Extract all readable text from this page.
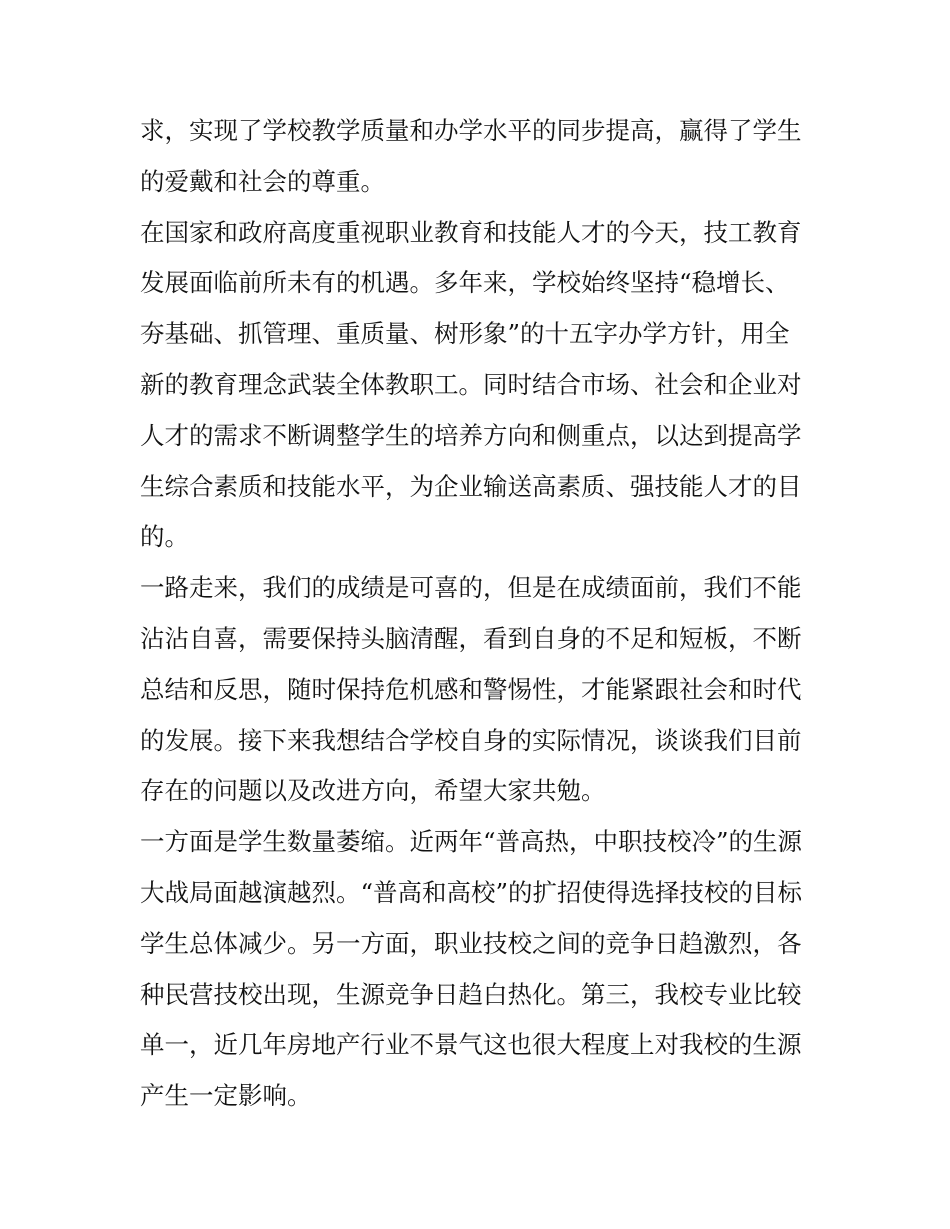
求，实现了学校教学质量和办学水平的同步提高，赢得了学生
的爱戴和社会的尊重。
在国家和政府高度重视职业教育和技能人才的今天，技工教育
发展面临前所未有的机遇。多年来，学校始终坚持“稳增长、
夯基础、抓管理、重质量、树形象”的十五字办学方针，用全
新的教育理念武装全体教职工。同时结合市场、社会和企业对
人才的需求不断调整学生的培养方向和侧重点，以达到提高学
生综合素质和技能水平，为企业输送高素质、强技能人才的目
的。
一路走来，我们的成绩是可喜的，但是在成绩面前，我们不能
沾沾自喜，需要保持头脑清醒，看到自身的不足和短板，不断
总结和反思，随时保持危机感和警惕性，才能紧跟社会和时代
的发展。接下来我想结合学校自身的实际情况，谈谈我们目前
存在的问题以及改进方向，希望大家共勉。
一方面是学生数量萎缩。近两年“普高热，中职技校冷”的生源
大战局面越演越烈。“普高和高校”的扩招使得选择技校的目标
学生总体减少。另一方面，职业技校之间的竞争日趋激烈，各
种民营技校出现，生源竞争日趋白热化。第三，我校专业比较
单一，近几年房地产行业不景气这也很大程度上对我校的生源
产生一定影响。
